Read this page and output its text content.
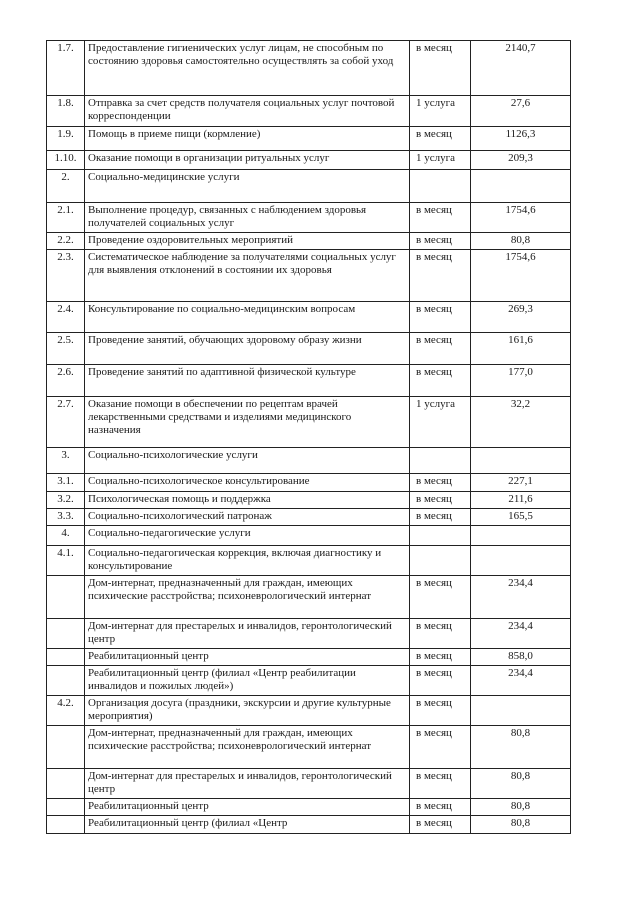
1.7.	Предоставление гигиенических услуг лицам, не способным по состоянию здоровья самостоятельно осуществлять за собой уход	в месяц	2140,7
1.8.	Отправка за счет средств получателя социальных услуг почтовой корреспонденции	1 услуга	27,6
1.9.	Помощь в приеме пищи (кормление)	в месяц	1126,3
1.10.	Оказание помощи в организации ритуальных услуг	1 услуга	209,3
2.	Социально-медицинские услуги		
2.1.	Выполнение процедур, связанных с наблюдением здоровья получателей социальных услуг	в месяц	1754,6
2.2.	Проведение оздоровительных мероприятий	в месяц	80,8
2.3.	Систематическое наблюдение за получателями социальных услуг для выявления отклонений в состоянии их здоровья	в месяц	1754,6
2.4.	Консультирование по социально-медицинским вопросам	в месяц	269,3
2.5.	Проведение занятий, обучающих здоровому образу жизни	в месяц	161,6
2.6.	Проведение занятий по адаптивной физической культуре	в месяц	177,0
2.7.	Оказание помощи в обеспечении по рецептам врачей лекарственными средствами и изделиями медицинского назначения	1 услуга	32,2
3.	Социально-психологические услуги		
3.1.	Социально-психологическое консультирование	в месяц	227,1
3.2.	Психологическая помощь и поддержка	в месяц	211,6
3.3.	Социально-психологический патронаж	в месяц	165,5
4.	Социально-педагогические услуги		
4.1.	Социально-педагогическая коррекция, включая диагностику и консультирование		
	Дом-интернат, предназначенный для граждан, имеющих психические расстройства; психоневрологический интернат	в месяц	234,4
	Дом-интернат для престарелых и инвалидов, геронтологический центр	в месяц	234,4
	Реабилитационный центр	в месяц	858,0
	Реабилитационный центр (филиал «Центр реабилитации инвалидов и пожилых людей»)	в месяц	234,4
4.2.	Организация досуга (праздники, экскурсии и другие культурные мероприятия)	в месяц	
	Дом-интернат, предназначенный для граждан, имеющих психические расстройства; психоневрологический интернат	в месяц	80,8
	Дом-интернат для престарелых и инвалидов, геронтологический центр	в месяц	80,8
	Реабилитационный центр	в месяц	80,8
	Реабилитационный центр (филиал «Центр	в месяц	80,8
